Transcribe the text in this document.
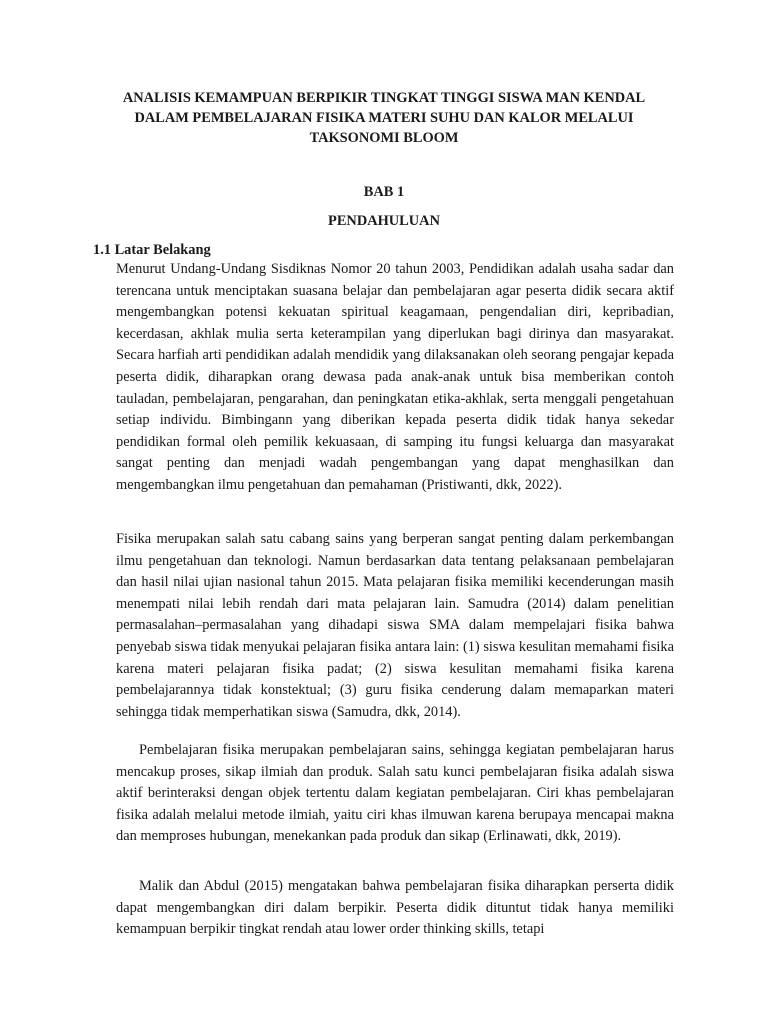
ANALISIS KEMAMPUAN BERPIKIR TINGKAT TINGGI SISWA MAN KENDAL DALAM PEMBELAJARAN FISIKA MATERI SUHU DAN KALOR MELALUI TAKSONOMI BLOOM
BAB 1
PENDAHULUAN
1.1 Latar Belakang

Menurut Undang-Undang Sisdiknas Nomor 20 tahun 2003, Pendidikan adalah usaha sadar dan terencana untuk menciptakan suasana belajar dan pembelajaran agar peserta didik secara aktif mengembangkan potensi kekuatan spiritual keagamaan, pengendalian diri, kepribadian, kecerdasan, akhlak mulia serta keterampilan yang diperlukan bagi dirinya dan masyarakat. Secara harfiah arti pendidikan adalah mendidik yang dilaksanakan oleh seorang pengajar kepada peserta didik, diharapkan orang dewasa pada anak-anak untuk bisa memberikan contoh tauladan, pembelajaran, pengarahan, dan peningkatan etika-akhlak, serta menggali pengetahuan setiap individu. Bimbingann yang diberikan kepada peserta didik tidak hanya sekedar pendidikan formal oleh pemilik kekuasaan, di samping itu fungsi keluarga dan masyarakat sangat penting dan menjadi wadah pengembangan yang dapat menghasilkan dan mengembangkan ilmu pengetahuan dan pemahaman (Pristiwanti, dkk, 2022).

Fisika merupakan salah satu cabang sains yang berperan sangat penting dalam perkembangan ilmu pengetahuan dan teknologi. Namun berdasarkan data tentang pelaksanaan pembelajaran dan hasil nilai ujian nasional tahun 2015. Mata pelajaran fisika memiliki kecenderungan masih menempati nilai lebih rendah dari mata pelajaran lain. Samudra (2014) dalam penelitian permasalahan–permasalahan yang dihadapi siswa SMA dalam mempelajari fisika bahwa penyebab siswa tidak menyukai pelajaran fisika antara lain: (1) siswa kesulitan memahami fisika karena materi pelajaran fisika padat; (2) siswa kesulitan memahami fisika karena pembelajarannya tidak konstektual; (3) guru fisika cenderung dalam memaparkan materi sehingga tidak memperhatikan siswa (Samudra, dkk, 2014).

Pembelajaran fisika merupakan pembelajaran sains, sehingga kegiatan pembelajaran harus mencakup proses, sikap ilmiah dan produk. Salah satu kunci pembelajaran fisika adalah siswa aktif berinteraksi dengan objek tertentu dalam kegiatan pembelajaran. Ciri khas pembelajaran fisika adalah melalui metode ilmiah, yaitu ciri khas ilmuwan karena berupaya mencapai makna dan memproses hubungan, menekankan pada produk dan sikap (Erlinawati, dkk, 2019).

Malik dan Abdul (2015) mengatakan bahwa pembelajaran fisika diharapkan perserta didik dapat mengembangkan diri dalam berpikir. Peserta didik dituntut tidak hanya memiliki kemampuan berpikir tingkat rendah atau lower order thinking skills, tetapi
